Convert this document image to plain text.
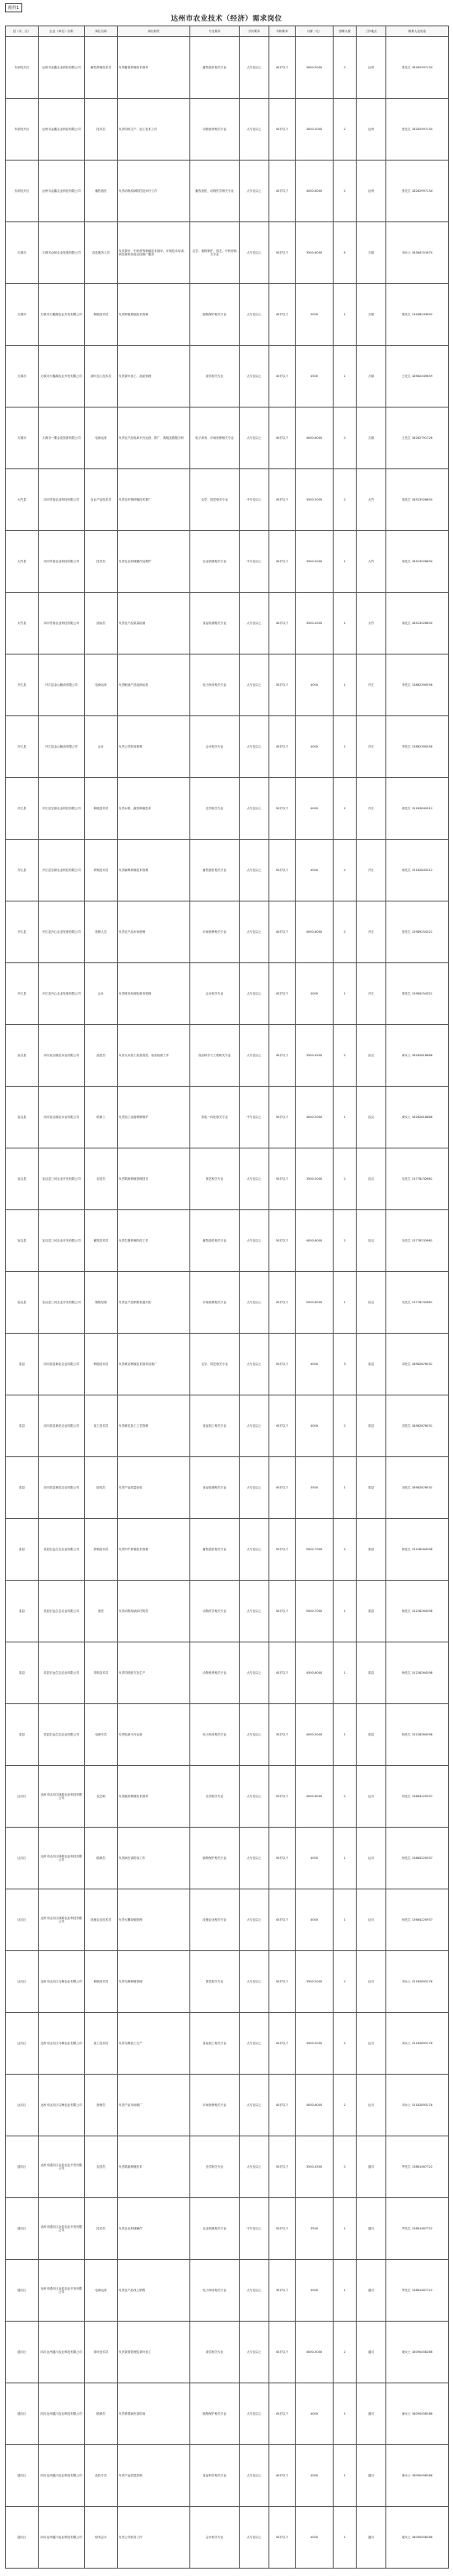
附件1
达州市农业技术（经济）需求岗位
县（市、区）	企业（单位）名称	岗位名称	岗位职责	专业要求	学历要求	年龄要求	月薪（元）	招聘人数	工作地点	联系人及电话
东部经开区	达州市金鑫农业科技有限公司	畜牧养殖技术员	负责畜禽养殖技术指导	畜牧兽医相关专业	大专及以上	45岁以下	3000-5000	2	达州	张先生 18282997134
东部经开区	达州市金鑫农业科技有限公司	技术员	负责饲料生产、加工技术工作	动物营养相关专业	大专及以上	45岁以下	3000-5000	2	达州	张先生 18282997134
东部经开区	达州市金鑫农业科技有限公司	畜牧兽医	负责动物疫病防控及诊疗工作	畜牧兽医、动物医学相关专业	大专及以上	45岁以下	4000-6000	2	达州	张先生 18282997134
万源市	万源市众和农业发展有限公司	农技服务人员	负责茶叶、中药材等种植技术指导，开展技术培训、病虫害防治及农技推广服务	农学、植物保护、园艺、中药材相关专业	大专及以上	50岁以下	3500-6000	4	万源	刘女士 18384151670
万源市	万源市天鹅湖农业开发有限公司	种植技术员	负责种植基地技术管理	植物保护相关专业	大专及以上	45岁以下	5000	1	万源	陈先生 13408243692
万源市	万源市天鹅湖农业开发有限公司	茶叶加工技术员	负责茶叶加工、品质管理	茶学相关专业	大专及以上	45岁以下	4500	1	万源	王先生 18982049659
万源市	万源市一棵金花旅游有限公司	电商运营	负责农产品电商平台运营、推广、客服及数据分析	电子商务、市场营销相关专业	大专及以上	40岁以下	4000-6000	2	万源	王先生 18282791728
大竹县	四川竹韵农业科技有限公司	农业产品技术员	负责农作物种植技术推广	农学、园艺相关专业	中专及以上	45岁以下	3500-5000	2	大竹	周先生 18523526650
大竹县	四川竹韵农业科技有限公司	技术员	负责农业机械操作及维护	农业机械相关专业	中专及以上	45岁以下	3500-5000	1	大竹	周先生 18523526650
大竹县	四川竹韵农业科技有限公司	质检员	负责农产品质量检测	食品检测相关专业	大专及以上	40岁以下	3500-4500	1	大竹	周先生 18523526650
开江县	开江县金山粮油有限公司	电商运营	负责粮油产品电商运营	电子商务相关专业	大专及以上	35岁以下	4000	1	开江	李先生 13882390558
开江县	开江县金山粮油有限公司	会计	负责公司财务核算	会计相关专业	大专及以上	45岁以下	4000	1	开江	李先生 13882390558
开江县	开江县宝源农业科技有限公司	种植技术员	负责水稻、蔬菜种植技术	农学相关专业	大专及以上	50岁以下	4000	2	开江	蒋先生 15182845012
开江县	开江县宝源农业科技有限公司	养殖技术员	负责麻鸭养殖技术管理	畜牧兽医相关专业	大专及以上	50岁以下	4000	2	开江	蒋先生 15182845012
开江县	开江县开心农业发展有限公司	营销人员	负责农产品市场营销	市场营销相关专业	大专及以上	40岁以下	4000-6000	2	开江	曾先生 13989254321
开江县	开江县开心农业发展有限公司	会计	负责账务处理及财务管理	会计相关专业	大专及以上	45岁以下	4000	1	开江	曾先生 13989254321
宣汉县	四川宣汉桃花米业有限公司	品控员	负责大米加工质量管控、检验检测工作	食品科学与工程相关专业	大专及以上	45岁以下	3500-4500	2	宣汉	黄女士 18282818666
宣汉县	四川宣汉桃花米业有限公司	机修工	负责加工设备维修维护	机电一体化相关专业	中专及以上	50岁以下	4000-5000	1	宣汉	黄女士 18282818666
宣汉县	宣汉县三河农业开发有限公司	农技员	负责果树种植管理技术	园艺相关专业	大专及以上	50岁以下	3500-5000	2	宣汉	吴先生 13778232661
宣汉县	宣汉县三河农业开发有限公司	畜牧技术员	负责生猪养殖防疫工作	畜牧兽医相关专业	大专及以上	50岁以下	4000-6000	2	宣汉	吴先生 13778232661
宣汉县	宣汉县三河农业开发有限公司	销售经理	负责农产品销售渠道开拓	市场营销相关专业	大专及以上	45岁以下	5000-8000	1	宣汉	吴先生 13778232661
渠县	四川渠县黄花农业有限公司	种植技术员	负责黄花种植技术指导及推广	农学、园艺相关专业	大专及以上	50岁以下	4000	3	渠县	刘先生 18982876031
渠县	四川渠县黄花农业有限公司	加工技术员	负责黄花加工工艺管理	食品加工相关专业	大专及以上	45岁以下	4000	2	渠县	刘先生 18982876031
渠县	四川渠县黄花农业有限公司	检验员	负责产品质量检验	食品检测相关专业	大专及以上	40岁以下	3500	1	渠县	刘先生 18982876031
渠县	渠县宏远生态农业有限公司	养殖技术员	负责肉牛养殖技术管理	畜牧兽医相关专业	大专及以上	50岁以下	5000-7000	2	渠县	杨先生 15228264398
渠县	渠县宏远生态农业有限公司	兽医	负责动物疫病诊疗防控	动物医学相关专业	大专及以上	50岁以下	5000-7000	1	渠县	杨先生 15228264398
渠县	渠县宏远生态农业有限公司	饲料技术员	负责饲料配方及生产	动物营养相关专业	大专及以上	45岁以下	4500-6000	1	渠县	杨先生 15228264398
渠县	渠县宏远生态农业有限公司	电商专员	负责电商平台运营	电子商务相关专业	大专及以上	35岁以下	4000-5000	1	渠县	杨先生 15228264398
达川区	达州市达川区绿源农业科技有限公司	农艺师	负责蔬菜种植技术指导	农学相关专业	大专及以上	50岁以下	4000-6000	2	达川	何先生 13684220937
达川区	达州市达川区绿源农业科技有限公司	植保员	负责病虫害防治工作	植物保护相关专业	大专及以上	50岁以下	4000	1	达川	何先生 13684220937
达川区	达州市达川区绿源农业科技有限公司	设施农业技术员	负责大棚设施管理	设施农业相关专业	大专及以上	45岁以下	4000	1	达川	何先生 13684220937
达川区	达州市达川区乌梅农业有限公司	种植技术员	负责乌梅种植管理	园艺相关专业	大专及以上	50岁以下	3500-5000	2	达川	邓女士 15182893176
达川区	达州市达川区乌梅农业有限公司	加工技术员	负责乌梅加工生产	食品加工相关专业	大专及以上	45岁以下	3500-5000	2	达川	邓女士 15182893176
达川区	达州市达川区乌梅农业有限公司	营销员	负责产品市场推广	市场营销相关专业	大专及以上	40岁以下	4000-6000	2	达川	邓女士 15182893176
通川区	达州市通川区金盆农业开发有限公司	农技员	负责果蔬种植技术	农学相关专业	大专及以上	50岁以下	3500-4500	2	通川	罗先生 13881487722
通川区	达州市通川区金盆农业开发有限公司	技术员	负责农业机械操作	农业机械相关专业	中专及以上	50岁以下	3500	1	通川	罗先生 13881487722
通川区	达州市通川区金盆农业开发有限公司	电商运营	负责农产品线上销售	电子商务相关专业	大专及以上	35岁以下	4000	1	通川	罗先生 13881487722
通川区	四川达州通川农业科技有限公司	茶叶技术员	负责茶园管理及茶叶加工	茶学相关专业	大专及以上	45岁以下	4000-5000	2	通川	唐女士 18090458266
通川区	四川达州通川农业科技有限公司	植保员	负责茶园病虫害防治	植物保护相关专业	大专及以上	45岁以下	4000	1	通川	唐女士 18090458266
通川区	四川达州通川农业科技有限公司	品控专员	负责产品质量控制	食品科学相关专业	大专及以上	40岁以下	4000	1	通川	唐女士 18090458266
通川区	四川达州通川农业科技有限公司	财务会计	负责公司财务工作	会计相关专业	大专及以上	45岁以下	4000	1	通川	唐女士 18090458266
